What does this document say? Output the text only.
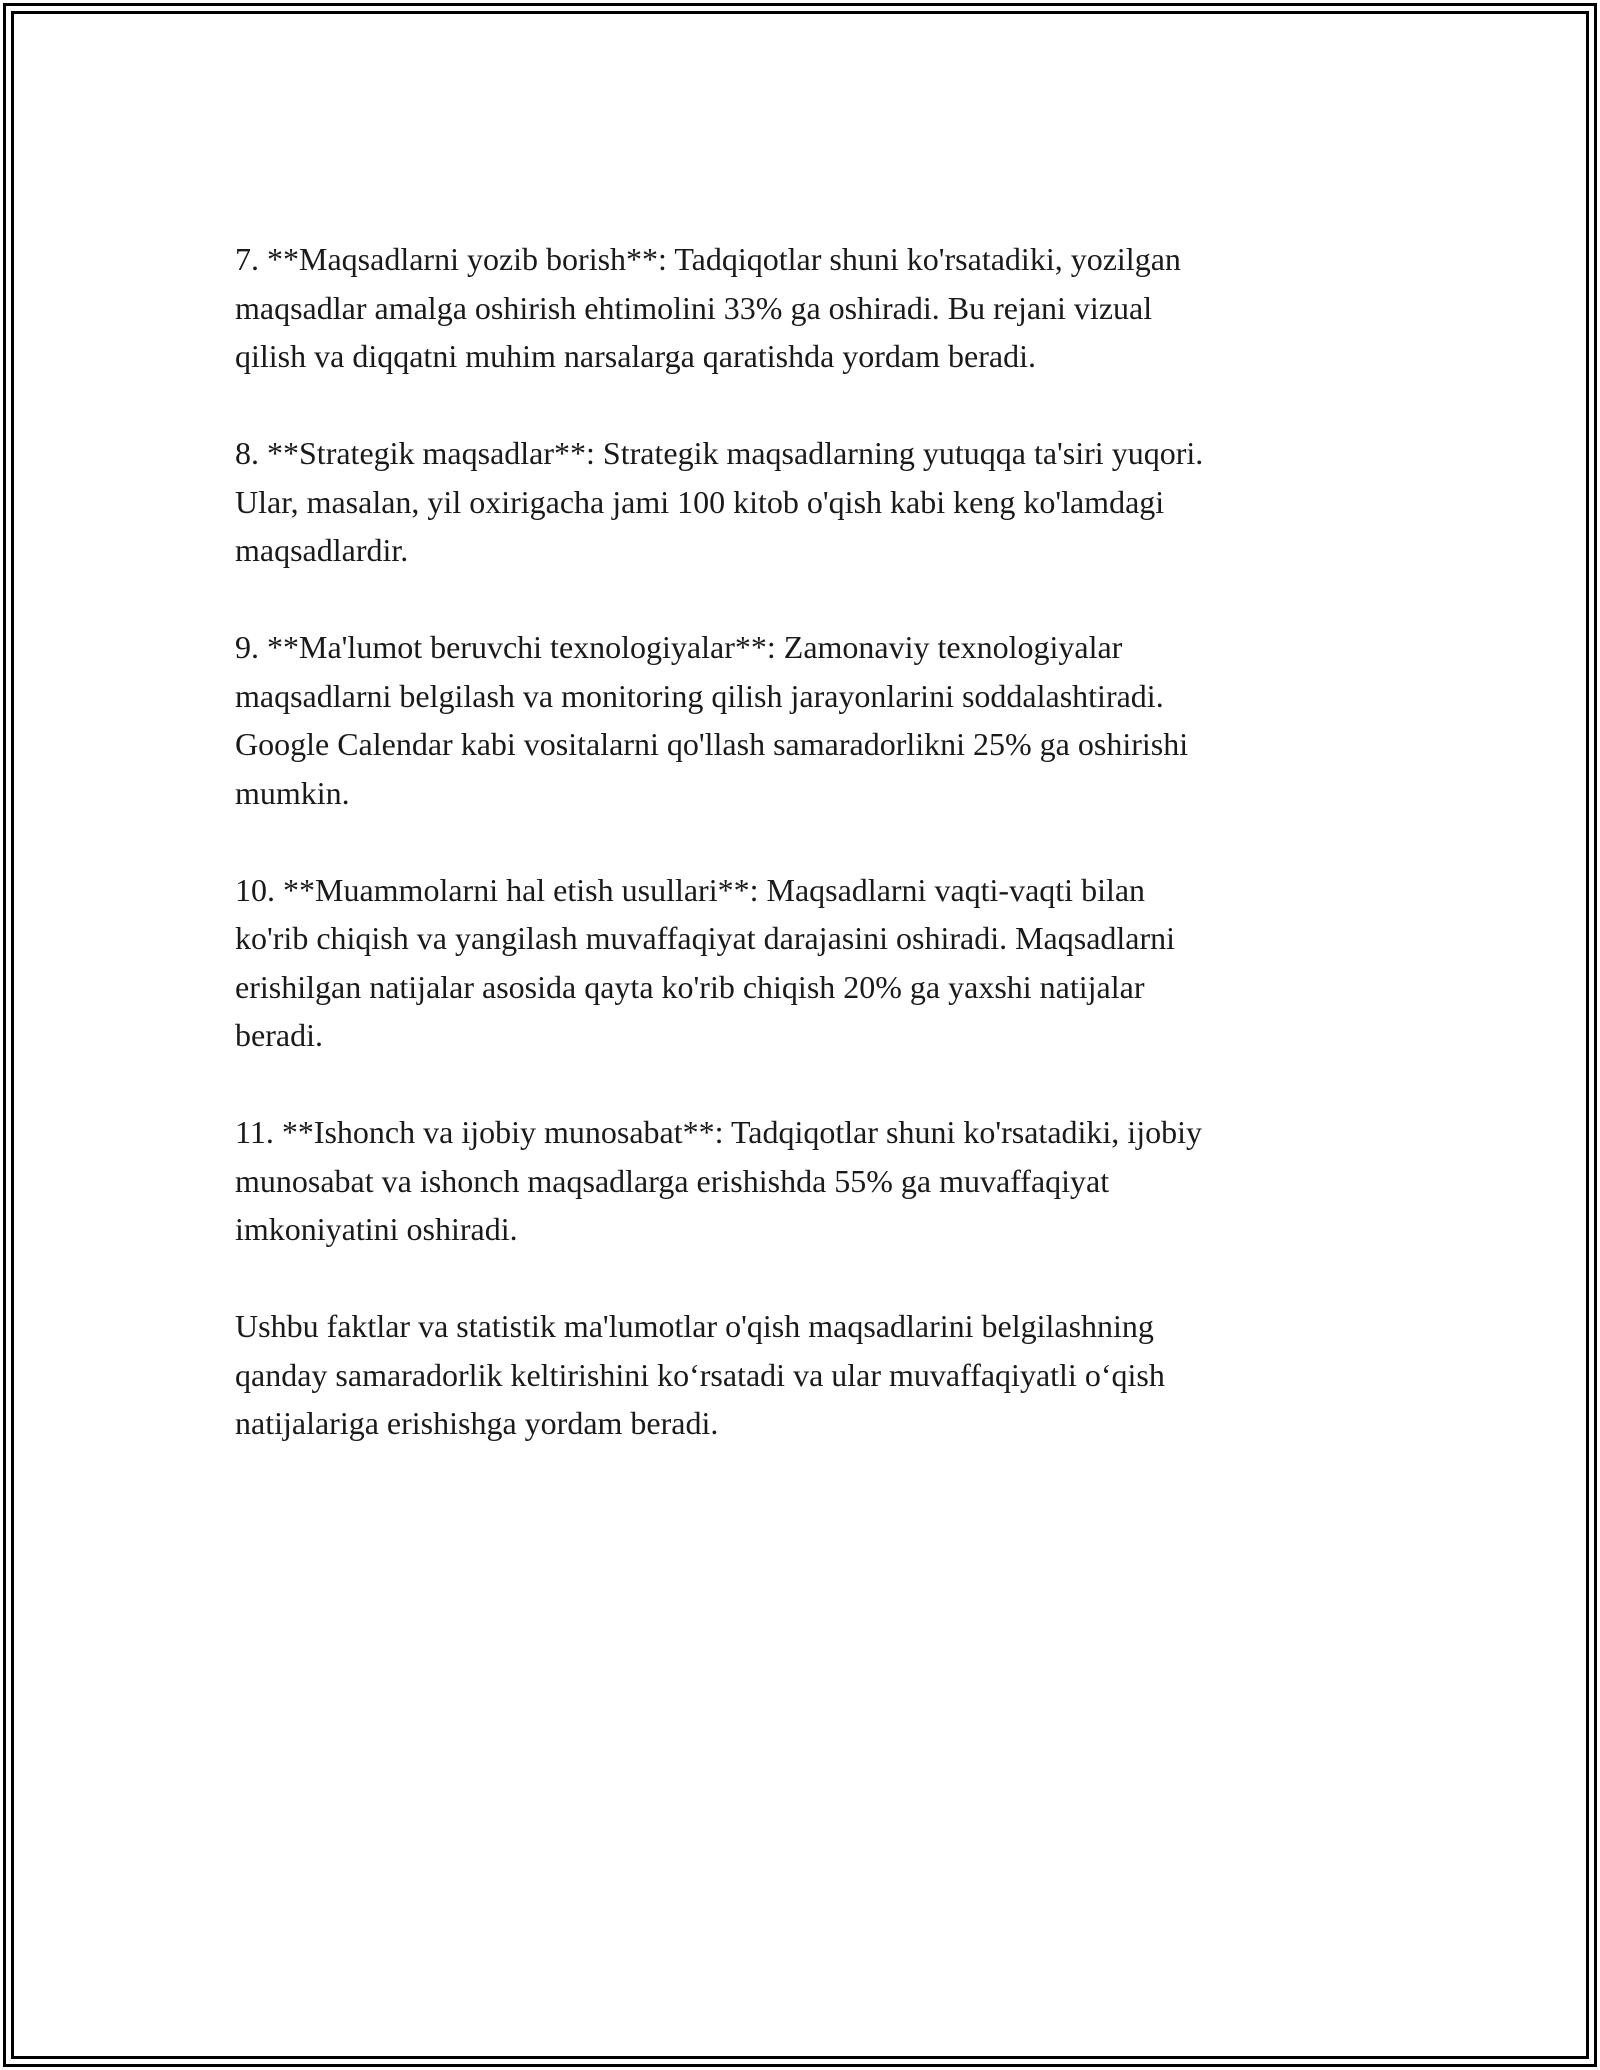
7. **Maqsadlarni yozib borish**: Tadqiqotlar shuni ko'rsatadiki, yozilgan
maqsadlar amalga oshirish ehtimolini 33% ga oshiradi. Bu rejani vizual
qilish va diqqatni muhim narsalarga qaratishda yordam beradi.

8. **Strategik maqsadlar**: Strategik maqsadlarning yutuqqa ta'siri yuqori.
Ular, masalan, yil oxirigacha jami 100 kitob o'qish kabi keng ko'lamdagi
maqsadlardir.

9. **Ma'lumot beruvchi texnologiyalar**: Zamonaviy texnologiyalar
maqsadlarni belgilash va monitoring qilish jarayonlarini soddalashtiradi.
Google Calendar kabi vositalarni qo'llash samaradorlikni 25% ga oshirishi
mumkin.

10. **Muammolarni hal etish usullari**: Maqsadlarni vaqti-vaqti bilan
ko'rib chiqish va yangilash muvaffaqiyat darajasini oshiradi. Maqsadlarni
erishilgan natijalar asosida qayta ko'rib chiqish 20% ga yaxshi natijalar
beradi.

11. **Ishonch va ijobiy munosabat**: Tadqiqotlar shuni ko'rsatadiki, ijobiy
munosabat va ishonch maqsadlarga erishishda 55% ga muvaffaqiyat
imkoniyatini oshiradi.

Ushbu faktlar va statistik ma'lumotlar o'qish maqsadlarini belgilashning
qanday samaradorlik keltirishini ko‘rsatadi va ular muvaffaqiyatli o‘qish
natijalariga erishishga yordam beradi.
